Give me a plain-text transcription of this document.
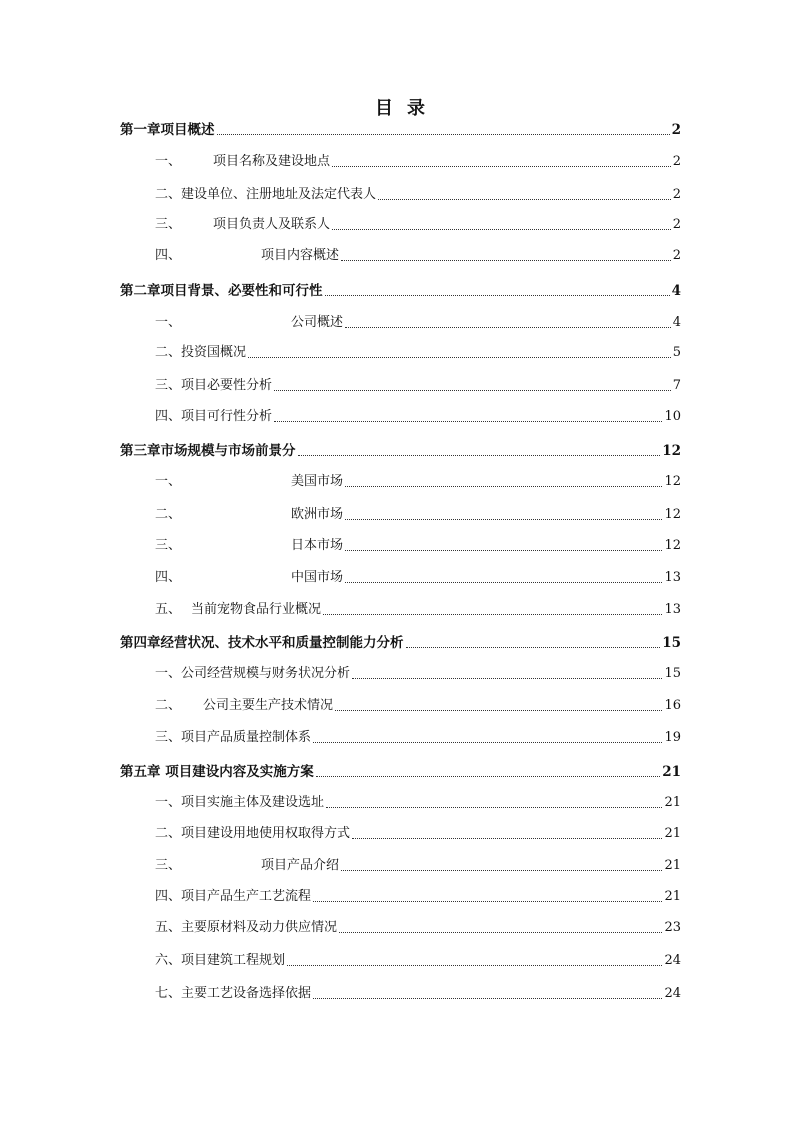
目 录
第一章项目概述	2
一、 项目名称及建设地点	2
二、 建设单位、注册地址及法定代表人	2
三、 项目负责人及联系人	2
四、	项目内容概述	2
第二章项目背景、必要性和可行性	4
一、	公司概述	4
二、 投资国概况	5
三、 项目必要性分析	7
四、 项目可行性分析	10
第三章市场规模与市场前景分	12
一、	美国市场	12
二、	欧洲市场	12
三、	日本市场	12
四、	中国市场	13
五、 当前宠物食品行业概况	13
第四章经营状况、技术水平和质量控制能力分析	15
一、 公司经营规模与财务状况分析	15
二、 公司主要生产技术情况	16
三、 项目产品质量控制体系	19
第五章 项目建设内容及实施方案	21
一、 项目实施主体及建设选址	21
二、 项目建设用地使用权取得方式	21
三、	项目产品介绍	21
四、 项目产品生产工艺流程	21
五、 主要原材料及动力供应情况	23
六、 项目建筑工程规划	24
七、 主要工艺设备选择依据	24
